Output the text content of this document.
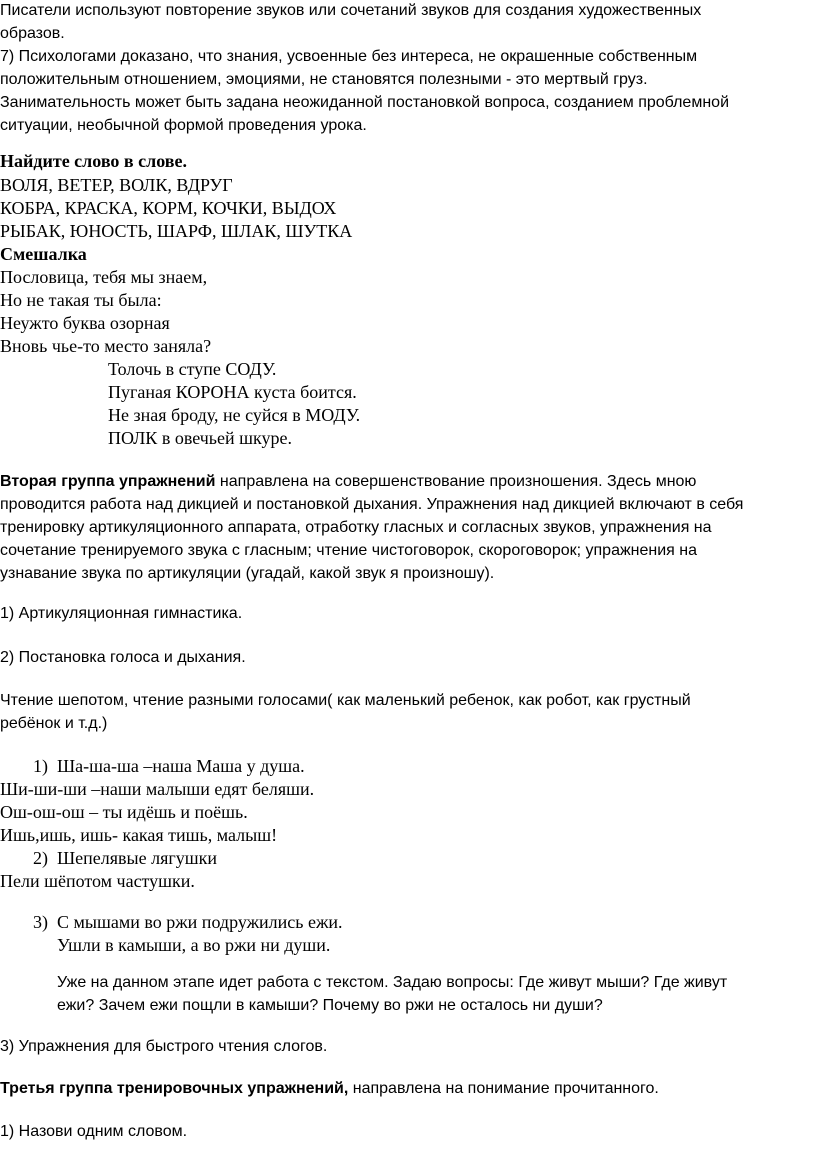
Писатели используют повторение звуков или сочетаний звуков для создания художественных

образов.

7) Психологами доказано, что знания, усвоенные без интереса, не окрашенные собственным

положительным отношением, эмоциями, не становятся полезными - это мертвый груз.

Занимательность может быть задана неожиданной постановкой вопроса, созданием проблемной

ситуации, необычной формой проведения урока.

Найдите слово в слове.

ВОЛЯ, ВЕТЕР, ВОЛК, ВДРУГ

КОБРА, КРАСКА, КОРМ, КОЧКИ, ВЫДОХ

РЫБАК, ЮНОСТЬ, ШАРФ, ШЛАК, ШУТКА

Смешалка

Пословица, тебя мы знаем,

Но не такая ты была:

Неужто буква озорная

Вновь чье-то место заняла?

Толочь в ступе СОДУ.

Пуганая КОРОНА куста боится.

Не зная броду, не суйся в МОДУ.

ПОЛК в овечьей шкуре.

Вторая группа упражнений направлена на совершенствование произношения. Здесь мною

проводится работа над дикцией и постановкой дыхания. Упражнения над дикцией включают в себя

тренировку артикуляционного аппарата, отработку гласных и согласных звуков, упражнения на

сочетание тренируемого звука с гласным; чтение чистоговорок, скороговорок; упражнения на

узнавание звука по артикуляции (угадай, какой звук я произношу).

1) Артикуляционная гимнастика.

2) Постановка голоса и дыхания.

Чтение шепотом, чтение разными голосами( как маленький ребенок, как робот, как грустный

ребёнок и т.д.)

1) Ша-ша-ша –наша Маша у душа.

Ши-ши-ши –наши малыши едят беляши.

Ош-ош-ош – ты идёшь и поёшь.

Ишь,ишь, ишь- какая тишь, малыш!

2) Шепелявые лягушки

Пели шёпотом частушки.

3) С мышами во ржи подружились ежи.

Ушли в камыши, а во ржи ни души.

Уже на данном этапе идет работа с текстом. Задаю вопросы: Где живут мыши? Где живут

ежи? Зачем ежи пощли в камыши? Почему во ржи не осталось ни души?

3) Упражнения для быстрого чтения слогов.

Третья группа тренировочных упражнений, направлена на понимание прочитанного.

1) Назови одним словом.
